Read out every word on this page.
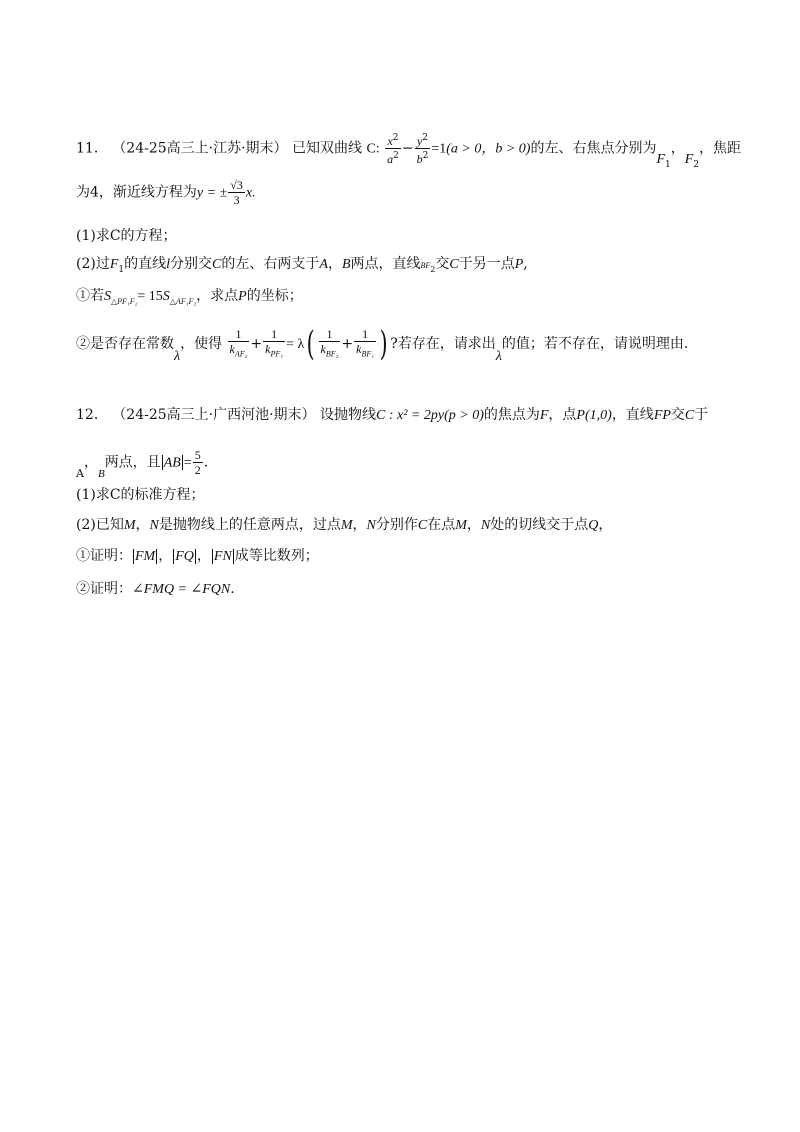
11． （24-25高三上·江苏·期末） 已知双曲线 C: $\frac{x^2}{a^2} - \frac{y^2}{b^2} =1(a > 0$，b > 0)的左、右焦点分别为$F_1$，$F_2$，焦距
为4，渐近线方程为y = ± $\frac{√3}{3} x$.
(1)求C的方程；
(2)过$F_1$的直线l分别交C的左、右两支于A，B两点，直线$BF_2$交C于另一点P,
①若$S_{\triangle PF_1F_2}= 15S_{\triangle AF_1F_2}$，求点P的坐标；
②是否存在常数λ，使得 $\frac{1}{k_{AF_2}} + \frac{1}{k_{PF_1}} = \lambda( \frac{1}{k_{BF_2}} + \frac{1}{k_{BF_1}}$ ) ?若存在，请求出λ的值；若不存在，请说明理由.
12． （24-25高三上·广西河池·期末） 设抛物线C : x² = 2py(p > 0)的焦点为F，点P(1,0)，直线FP交C于
A，B两点，且 AB = $\frac{5}{2}$ .
(1)求C的标准方程；
(2)已知M，N是抛物线上的任意两点，过点M，N分别作C在点M，N处的切线交于点Q，
①证明： FM ， FQ ， FN 成等比数列；
②证明：∠FMQ = ∠FQN.
